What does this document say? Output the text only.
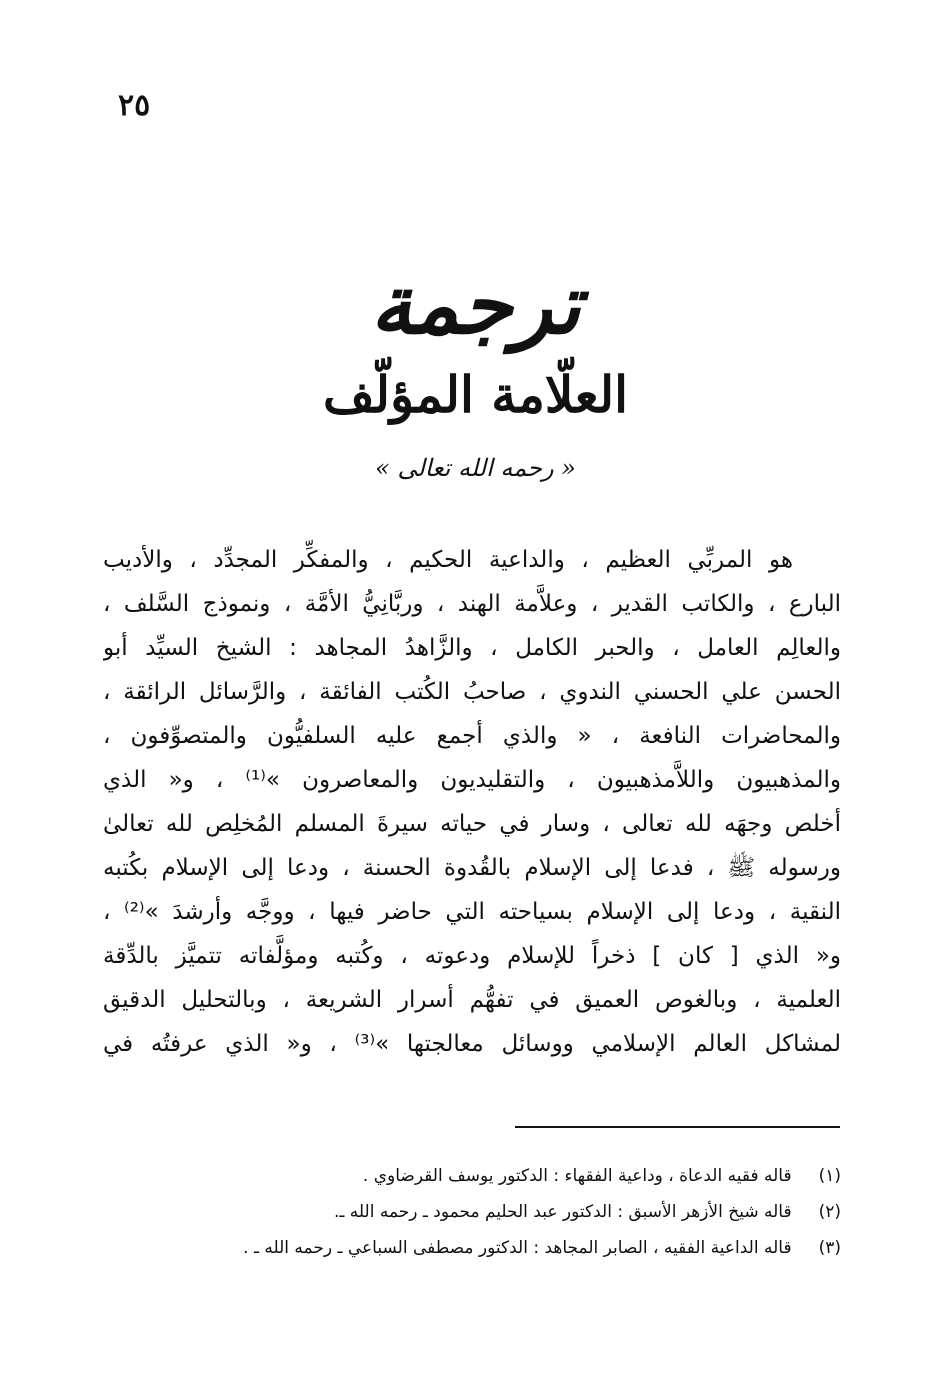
٢٥
ترجمة
العلّامة المؤلّف
« رحمه الله تعالى »
هو المربِّي العظيم ، والداعية الحكيم ، والمفكِّر المجدِّد ، والأديب
البارع ، والكاتب القدير ، وعلاَّمة الهند ، وربَّانِيُّ الأمَّة ، ونموذج السَّلف ،
والعالِم العامل ، والحبر الكامل ، والزَّاهدُ المجاهد : الشيخ السيِّد أبو
الحسن علي الحسني الندوي ، صاحبُ الكُتب الفائقة ، والرَّسائل الرائقة ،
والمحاضرات النافعة ، « والذي أجمع عليه السلفيُّون والمتصوِّفون ،
والمذهبيون واللاَّمذهبيون ، والتقليديون والمعاصرون »⁽¹⁾ ، و« الذي
أخلص وجهَه لله تعالى ، وسار في حياته سيرةَ المسلم المُخلِص لله تعالىٰ
ورسوله ﷺ ، فدعا إلى الإسلام بالقُدوة الحسنة ، ودعا إلى الإسلام بكُتبه
النقية ، ودعا إلى الإسلام بسياحته التي حاضر فيها ، ووجَّه وأرشدَ »⁽²⁾ ،
و« الذي [ كان ] ذخراً للإسلام ودعوته ، وكُتبه ومؤلَّفاته تتميَّز بالدِّقة
العلمية ، وبالغوص العميق في تفهُّم أسرار الشريعة ، وبالتحليل الدقيق
لمشاكل العالم الإسلامي ووسائل معالجتها »⁽³⁾ ، و« الذي عرفتُه في
(١) قاله فقيه الدعاة ، وداعية الفقهاء : الدكتور يوسف القرضاوي .
(٢) قاله شيخ الأزهر الأسبق : الدكتور عبد الحليم محمود ـ رحمه الله ـ.
(٣) قاله الداعية الفقيه ، الصابر المجاهد : الدكتور مصطفى السباعي ـ رحمه الله ـ .
